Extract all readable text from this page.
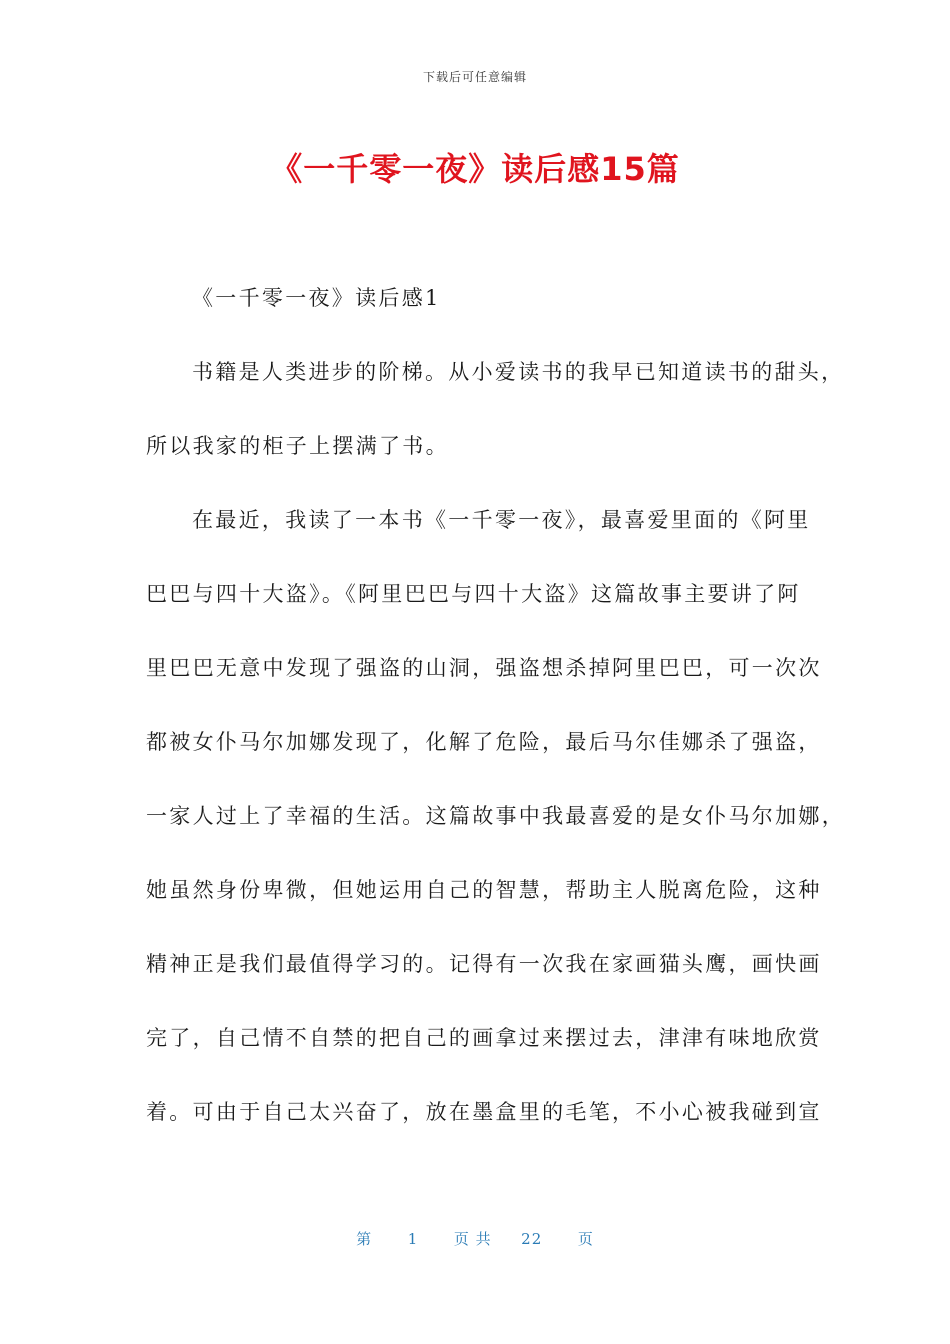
下载后可任意编辑
《一千零一夜》读后感15篇
《一千零一夜》读后感1
书籍是人类进步的阶梯。从小爱读书的我早已知道读书的甜头，
所以我家的柜子上摆满了书。
在最近，我读了一本书《一千零一夜》，最喜爱里面的《阿里
巴巴与四十大盗》。《阿里巴巴与四十大盗》这篇故事主要讲了阿
里巴巴无意中发现了强盗的山洞，强盗想杀掉阿里巴巴，可一次次
都被女仆马尔加娜发现了，化解了危险，最后马尔佳娜杀了强盗，
一家人过上了幸福的生活。这篇故事中我最喜爱的是女仆马尔加娜，
她虽然身份卑微，但她运用自己的智慧，帮助主人脱离危险，这种
精神正是我们最值得学习的。记得有一次我在家画猫头鹰，画快画
完了，自己情不自禁的把自己的画拿过来摆过去，津津有味地欣赏
着。可由于自己太兴奋了，放在墨盒里的毛笔，不小心被我碰到宣
第 1 页 共 22 页
